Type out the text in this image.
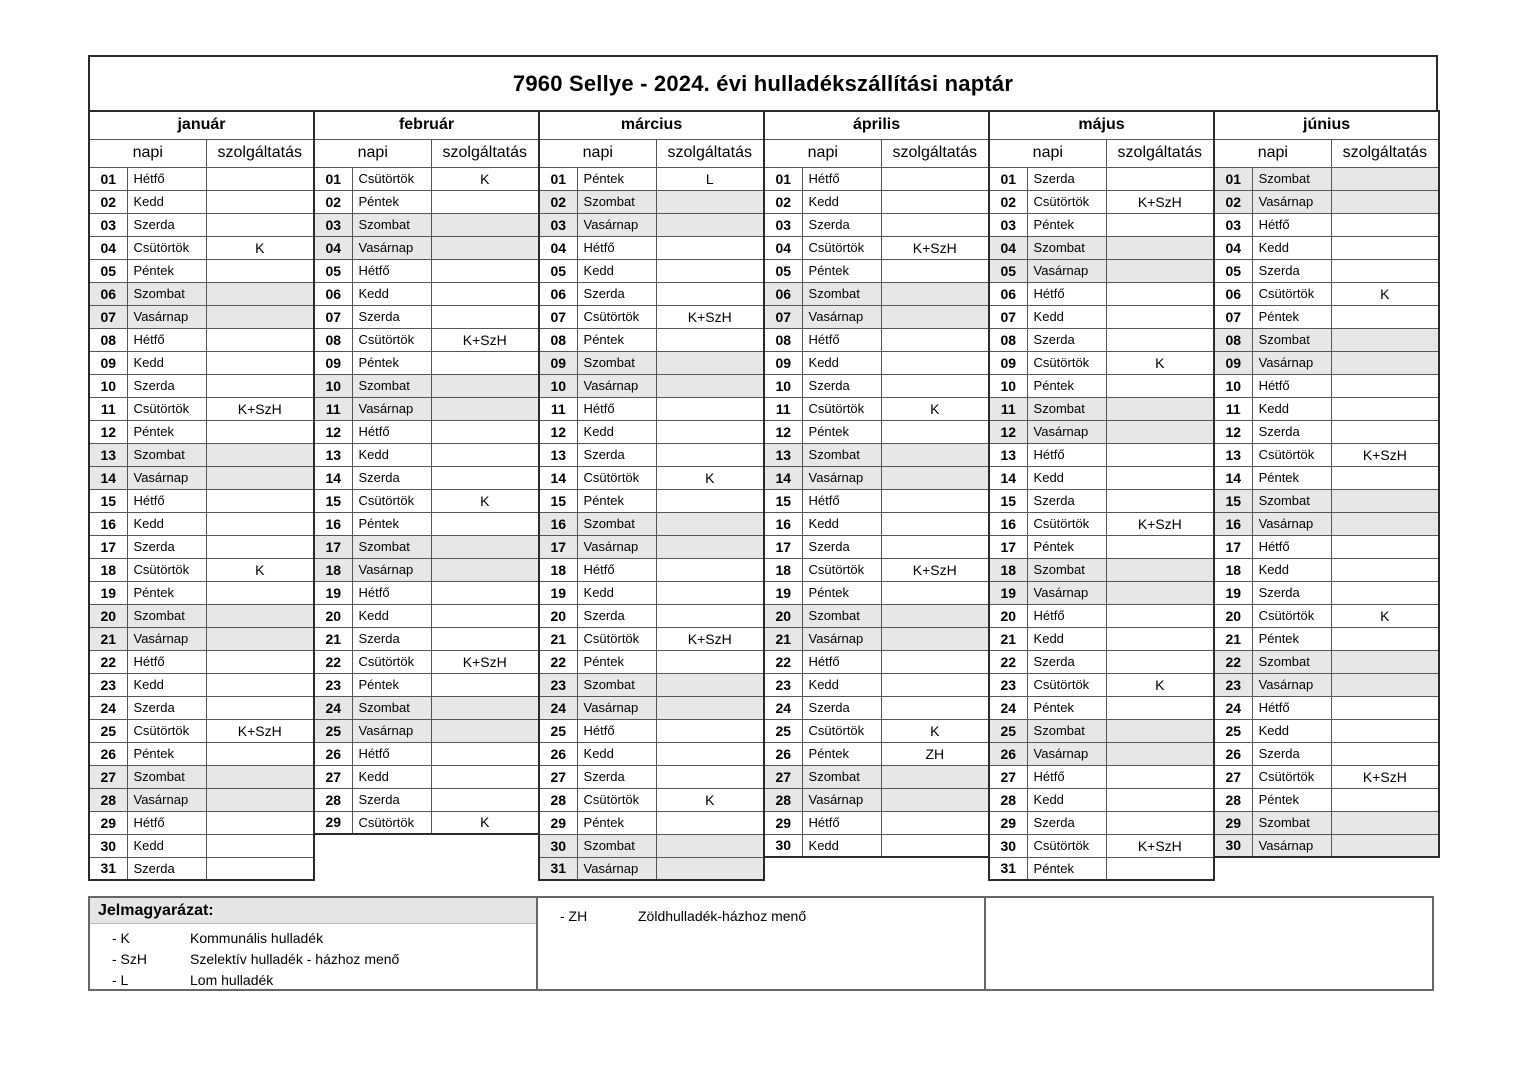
7960 Sellye - 2024. évi hulladékszállítási naptár
január		
napi		szolgáltatás
01	Hétfő	
02	Kedd	
03	Szerda	
04	Csütörtök	K
05	Péntek	
06	Szombat	
07	Vasárnap	
08	Hétfő	
09	Kedd	
10	Szerda	
11	Csütörtök	K+SzH
12	Péntek	
13	Szombat	
14	Vasárnap	
15	Hétfő	
16	Kedd	
17	Szerda	
18	Csütörtök	K
19	Péntek	
20	Szombat	
21	Vasárnap	
22	Hétfő	
23	Kedd	
24	Szerda	
25	Csütörtök	K+SzH
26	Péntek	
27	Szombat	
28	Vasárnap	
29	Hétfő	
30	Kedd	
31	Szerda	
február		
napi		szolgáltatás
01	Csütörtök	K
02	Péntek	
03	Szombat	
04	Vasárnap	
05	Hétfő	
06	Kedd	
07	Szerda	
08	Csütörtök	K+SzH
09	Péntek	
10	Szombat	
11	Vasárnap	
12	Hétfő	
13	Kedd	
14	Szerda	
15	Csütörtök	K
16	Péntek	
17	Szombat	
18	Vasárnap	
19	Hétfő	
20	Kedd	
21	Szerda	
22	Csütörtök	K+SzH
23	Péntek	
24	Szombat	
25	Vasárnap	
26	Hétfő	
27	Kedd	
28	Szerda	
29	Csütörtök	K
március		
napi		szolgáltatás
01	Péntek	L
02	Szombat	
03	Vasárnap	
04	Hétfő	
05	Kedd	
06	Szerda	
07	Csütörtök	K+SzH
08	Péntek	
09	Szombat	
10	Vasárnap	
11	Hétfő	
12	Kedd	
13	Szerda	
14	Csütörtök	K
15	Péntek	
16	Szombat	
17	Vasárnap	
18	Hétfő	
19	Kedd	
20	Szerda	
21	Csütörtök	K+SzH
22	Péntek	
23	Szombat	
24	Vasárnap	
25	Hétfő	
26	Kedd	
27	Szerda	
28	Csütörtök	K
29	Péntek	
30	Szombat	
31	Vasárnap	
április		
napi		szolgáltatás
01	Hétfő	
02	Kedd	
03	Szerda	
04	Csütörtök	K+SzH
05	Péntek	
06	Szombat	
07	Vasárnap	
08	Hétfő	
09	Kedd	
10	Szerda	
11	Csütörtök	K
12	Péntek	
13	Szombat	
14	Vasárnap	
15	Hétfő	
16	Kedd	
17	Szerda	
18	Csütörtök	K+SzH
19	Péntek	
20	Szombat	
21	Vasárnap	
22	Hétfő	
23	Kedd	
24	Szerda	
25	Csütörtök	K
26	Péntek	ZH
27	Szombat	
28	Vasárnap	
29	Hétfő	
30	Kedd	
május		
napi		szolgáltatás
01	Szerda	
02	Csütörtök	K+SzH
03	Péntek	
04	Szombat	
05	Vasárnap	
06	Hétfő	
07	Kedd	
08	Szerda	
09	Csütörtök	K
10	Péntek	
11	Szombat	
12	Vasárnap	
13	Hétfő	
14	Kedd	
15	Szerda	
16	Csütörtök	K+SzH
17	Péntek	
18	Szombat	
19	Vasárnap	
20	Hétfő	
21	Kedd	
22	Szerda	
23	Csütörtök	K
24	Péntek	
25	Szombat	
26	Vasárnap	
27	Hétfő	
28	Kedd	
29	Szerda	
30	Csütörtök	K+SzH
31	Péntek	
június		
napi		szolgáltatás
01	Szombat	
02	Vasárnap	
03	Hétfő	
04	Kedd	
05	Szerda	
06	Csütörtök	K
07	Péntek	
08	Szombat	
09	Vasárnap	
10	Hétfő	
11	Kedd	
12	Szerda	
13	Csütörtök	K+SzH
14	Péntek	
15	Szombat	
16	Vasárnap	
17	Hétfő	
18	Kedd	
19	Szerda	
20	Csütörtök	K
21	Péntek	
22	Szombat	
23	Vasárnap	
24	Hétfő	
25	Kedd	
26	Szerda	
27	Csütörtök	K+SzH
28	Péntek	
29	Szombat	
30	Vasárnap	
Jelmagyarázat:
- K	Kommunális hulladék
- SzH	Szelektív hulladék - házhoz menő
- L	Lom hulladék
- ZH	Zöldhulladék-házhoz menő
